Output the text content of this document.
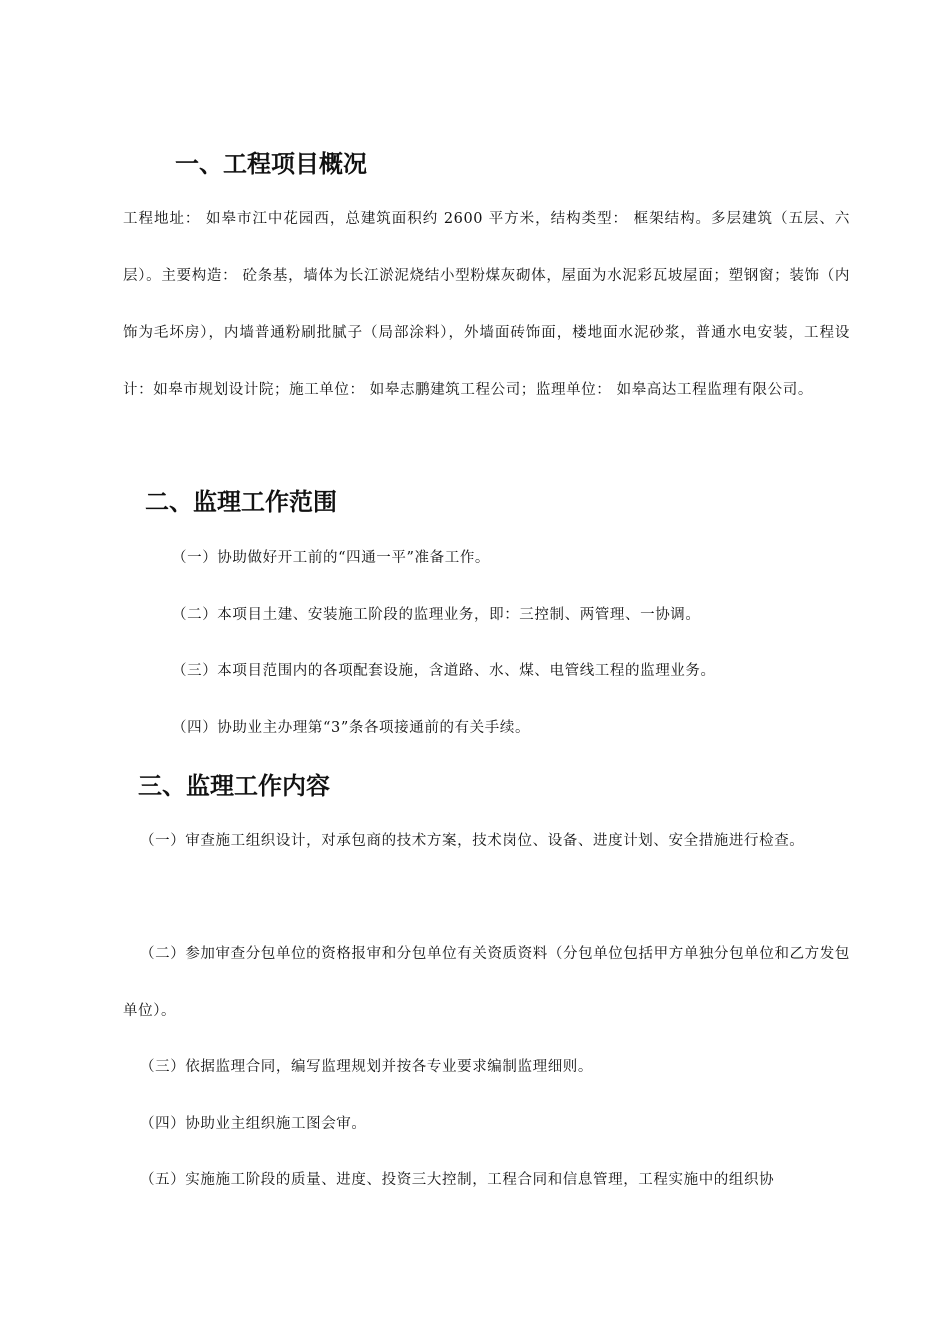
一、工程项目概况

工程地址： 如皋市江中花园西，总建筑面积约 2600 平方米，结构类型： 框架结构。多层建筑（五层、六层）。主要构造： 砼条基，墙体为长江淤泥烧结小型粉煤灰砌体，屋面为水泥彩瓦坡屋面；塑钢窗；装饰（内饰为毛坏房），内墙普通粉刷批腻子（局部涂料），外墙面砖饰面，楼地面水泥砂浆，普通水电安装，工程设计：如皋市规划设计院；施工单位： 如皋志鹏建筑工程公司；监理单位： 如皋高达工程监理有限公司。

二、监理工作范围

（一）协助做好开工前的“四通一平”准备工作。

（二）本项目土建、安装施工阶段的监理业务，即：三控制、两管理、一协调。

（三）本项目范围内的各项配套设施，含道路、水、煤、电管线工程的监理业务。

（四）协助业主办理第“3”条各项接通前的有关手续。

三、监理工作内容

（一）审查施工组织设计，对承包商的技术方案，技术岗位、设备、进度计划、安全措施进行检查。

（二）参加审查分包单位的资格报审和分包单位有关资质资料（分包单位包括甲方单独分包单位和乙方发包单位）。

（三）依据监理合同，编写监理规划并按各专业要求编制监理细则。

（四）协助业主组织施工图会审。

（五）实施施工阶段的质量、进度、投资三大控制，工程合同和信息管理，工程实施中的组织协
